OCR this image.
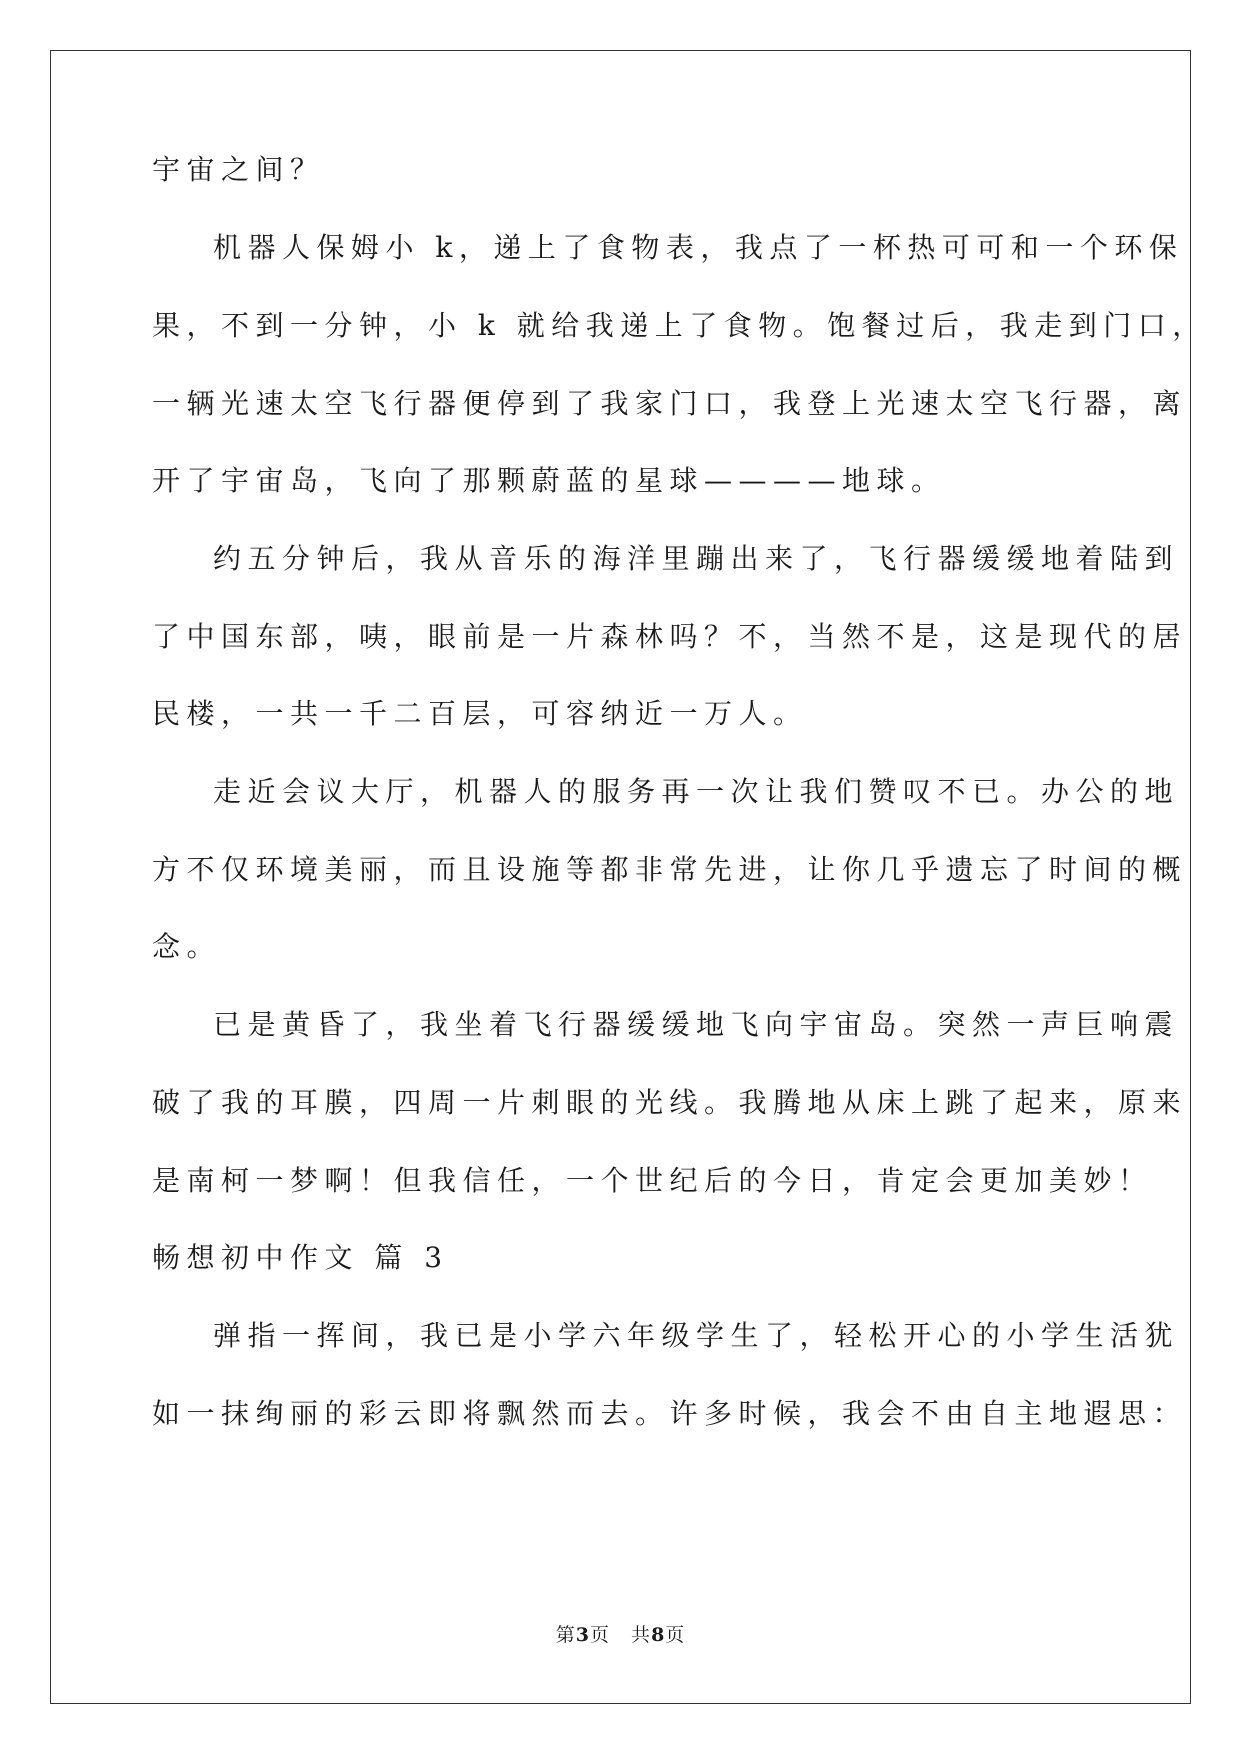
宇宙之间？
机器人保姆小 k，递上了食物表，我点了一杯热可可和一个环保
果，不到一分钟，小 k 就给我递上了食物。饱餐过后，我走到门口，
一辆光速太空飞行器便停到了我家门口，我登上光速太空飞行器，离
开了宇宙岛，飞向了那颗蔚蓝的星球————地球。
约五分钟后，我从音乐的海洋里蹦出来了，飞行器缓缓地着陆到
了中国东部，咦，眼前是一片森林吗？不，当然不是，这是现代的居
民楼，一共一千二百层，可容纳近一万人。
走近会议大厅，机器人的服务再一次让我们赞叹不已。办公的地
方不仅环境美丽，而且设施等都非常先进，让你几乎遗忘了时间的概
念。
已是黄昏了，我坐着飞行器缓缓地飞向宇宙岛。突然一声巨响震
破了我的耳膜，四周一片刺眼的光线。我腾地从床上跳了起来，原来
是南柯一梦啊！但我信任，一个世纪后的今日，肯定会更加美妙！
畅想初中作文 篇 3
弹指一挥间，我已是小学六年级学生了，轻松开心的小学生活犹
如一抹绚丽的彩云即将飘然而去。许多时候，我会不由自主地遐思：
第3页   共8页
